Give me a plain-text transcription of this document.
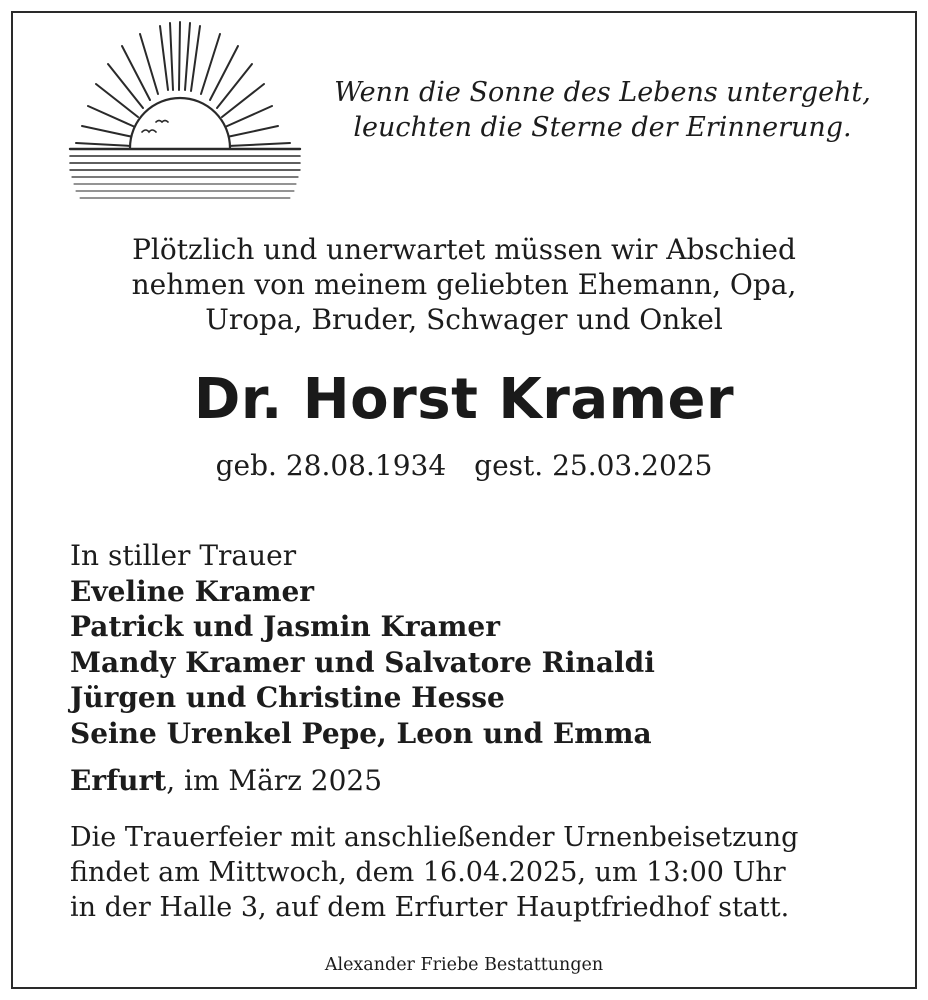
Wenn die Sonne des Lebens untergeht,
leuchten die Sterne der Erinnerung.
Plötzlich und unerwartet müssen wir Abschied
nehmen von meinem geliebten Ehemann, Opa,
Uropa, Bruder, Schwager und Onkel
Dr. Horst Kramer
geb. 28.08.1934 gest. 25.03.2025
In stiller Trauer
Eveline Kramer
Patrick und Jasmin Kramer
Mandy Kramer und Salvatore Rinaldi
Jürgen und Christine Hesse
Seine Urenkel Pepe, Leon und Emma
Erfurt, im März 2025
Die Trauerfeier mit anschließender Urnenbeisetzung
findet am Mittwoch, dem 16.04.2025, um 13:00 Uhr
in der Halle 3, auf dem Erfurter Hauptfriedhof statt.
Alexander Friebe Bestattungen
